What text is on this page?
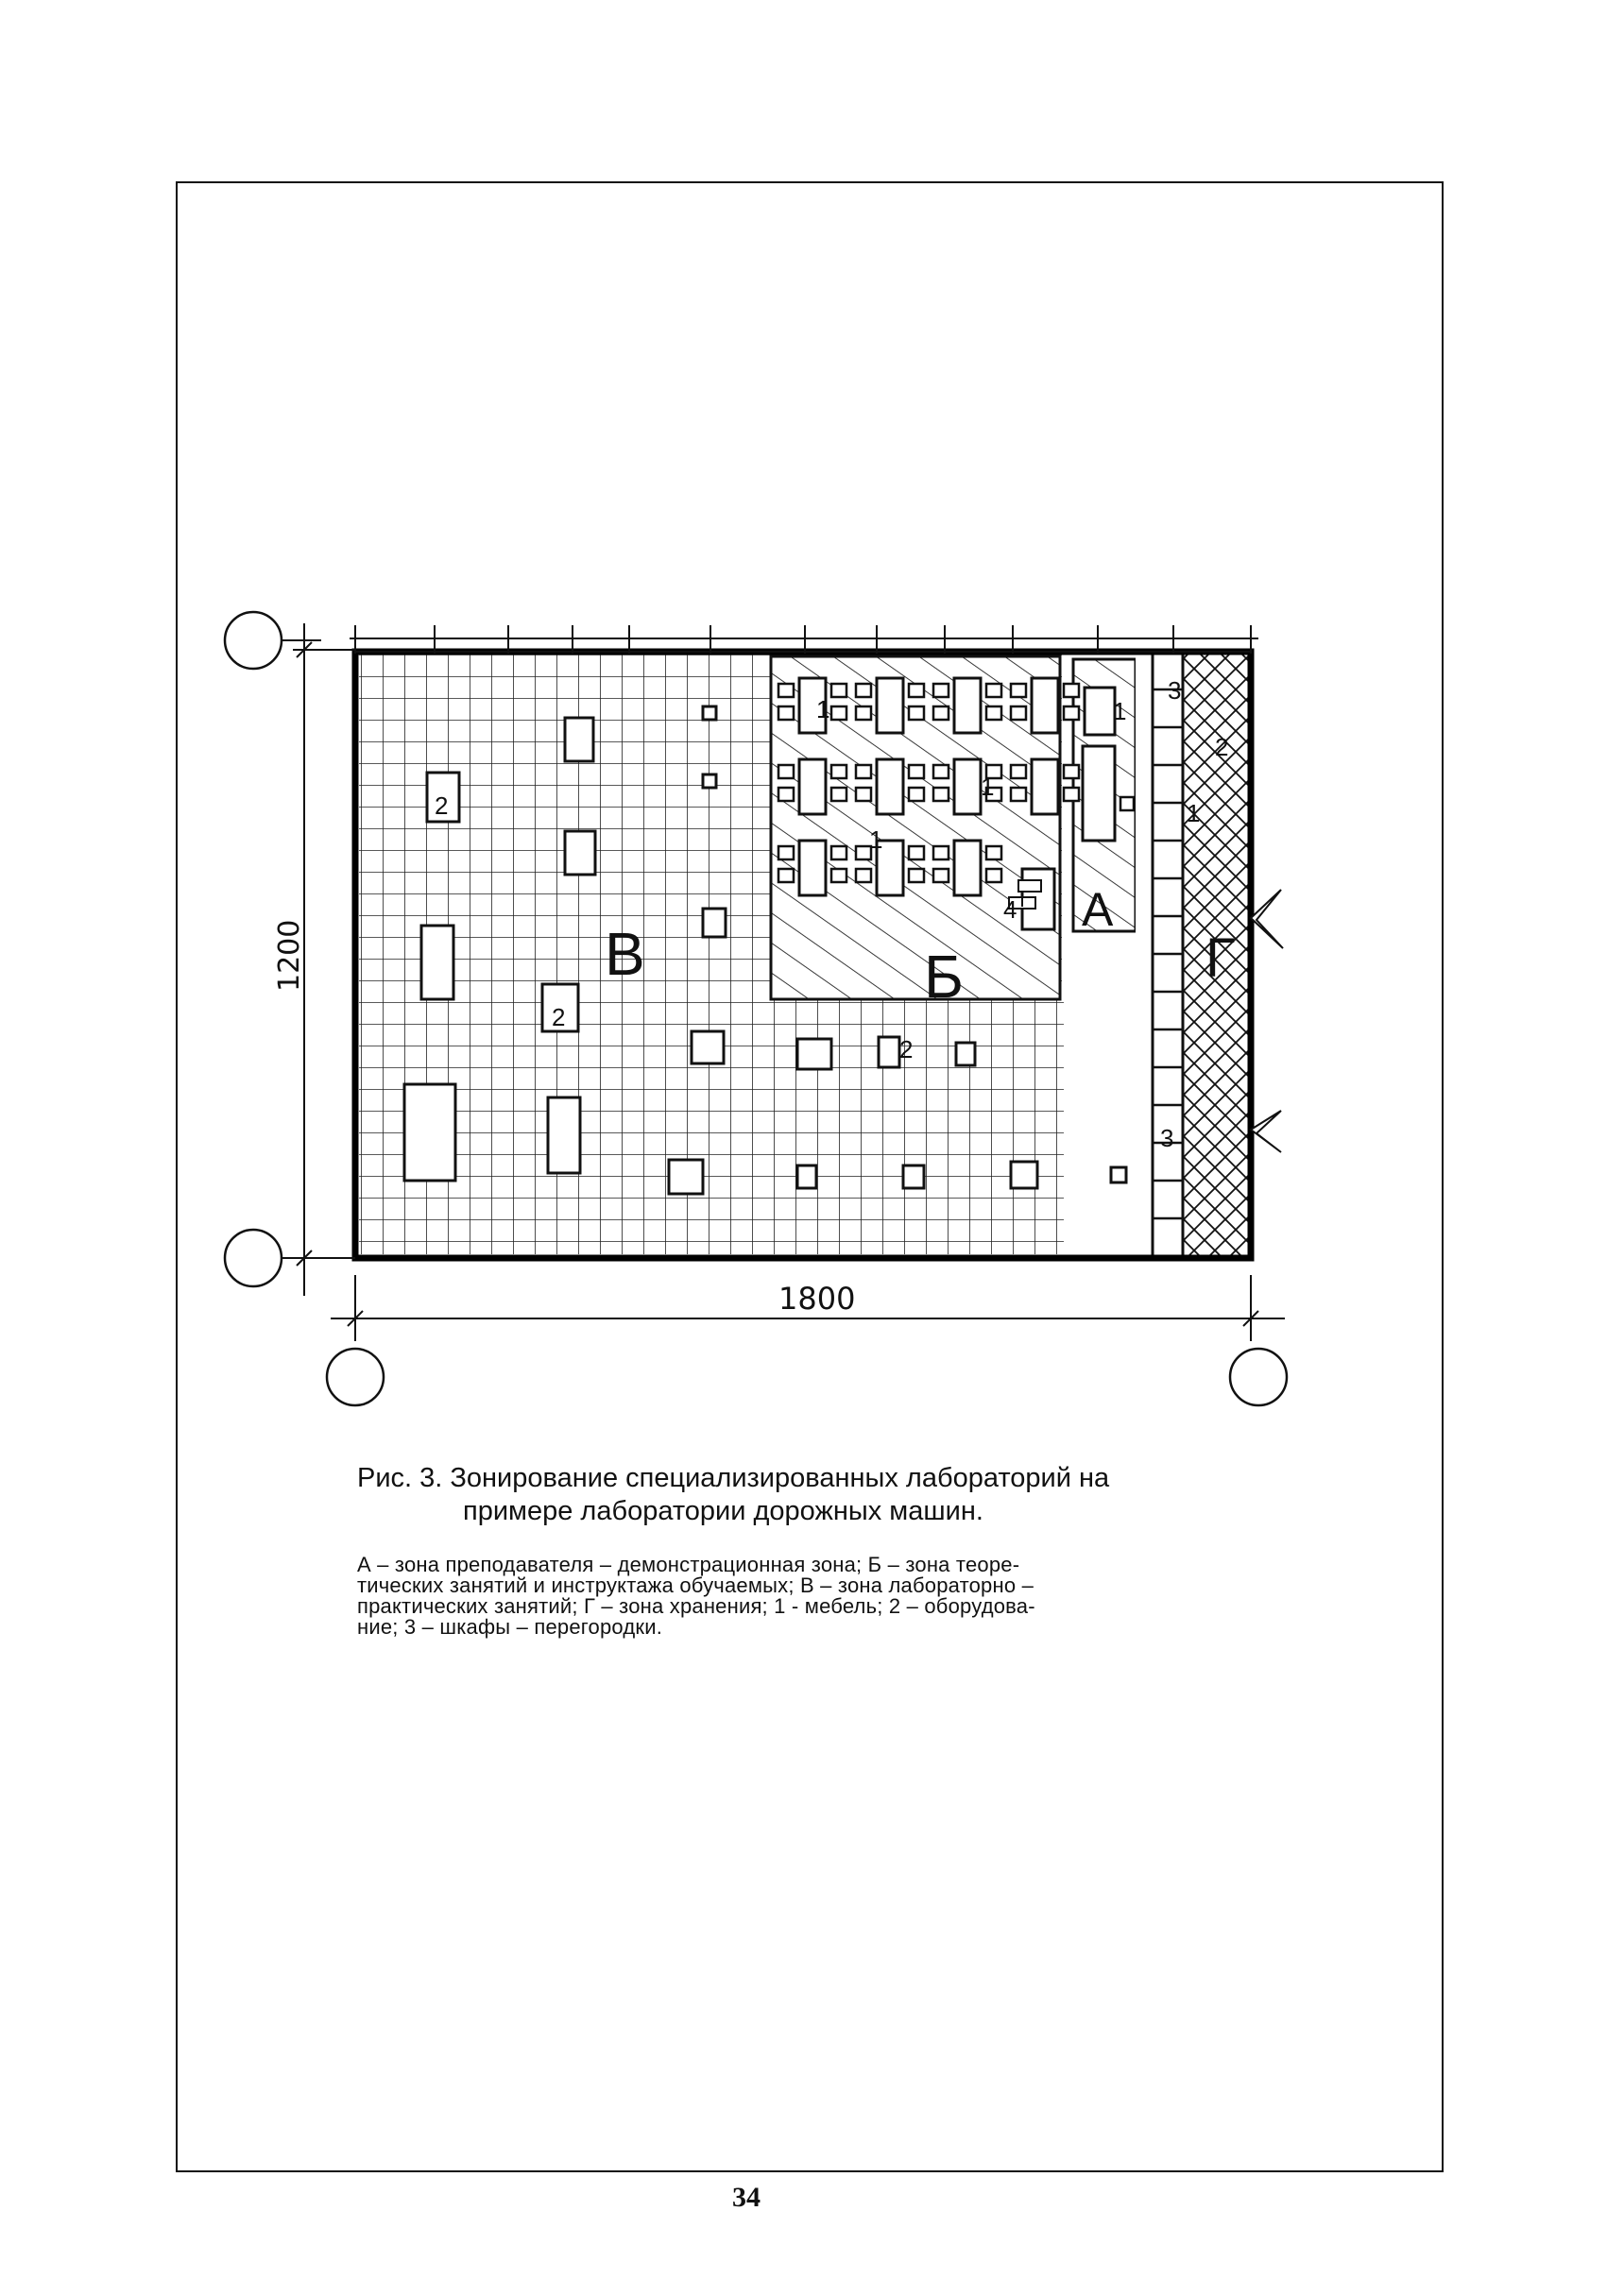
В	Б
А
Г
1
1
1
1
1
4
2
2
2
2
3
3
1200
1800

Рис. 3. Зонирование специализированных лабораторий на
примере лаборатории дорожных машин.

А – зона преподавателя – демонстрационная зона; Б – зона теоре-
тических занятий и инструктажа обучаемых; В – зона лабораторно –
практических занятий; Г – зона хранения; 1 - мебель; 2 – оборудова-
ние; 3 – шкафы – перегородки.
34
